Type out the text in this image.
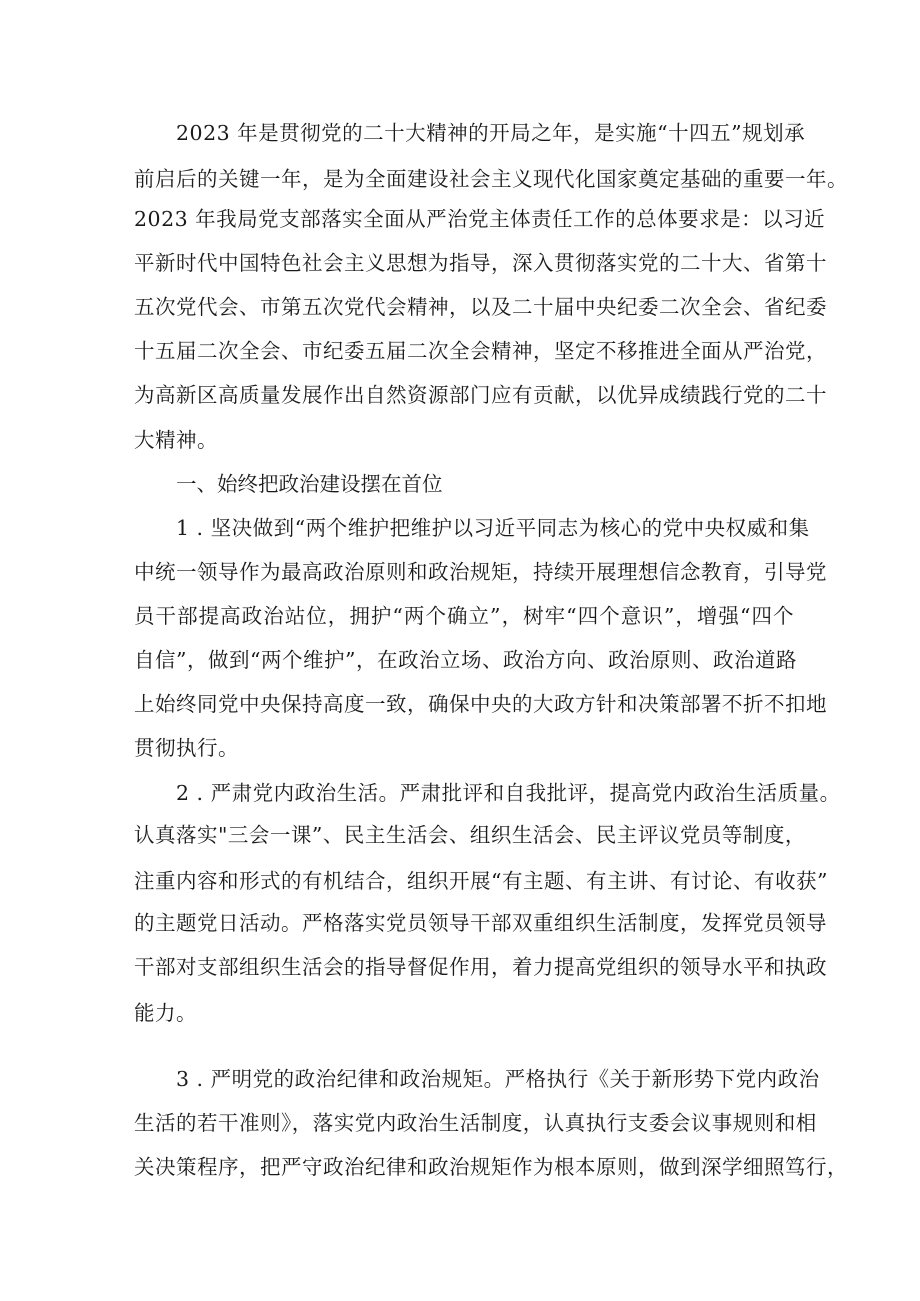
2023 年是贯彻党的二十大精神的开局之年，是实施“十四五”规划承
前启后的关键一年，是为全面建设社会主义现代化国家奠定基础的重要一年。
2023 年我局党支部落实全面从严治党主体责任工作的总体要求是：以习近
平新时代中国特色社会主义思想为指导，深入贯彻落实党的二十大、省第十
五次党代会、市第五次党代会精神，以及二十届中央纪委二次全会、省纪委
十五届二次全会、市纪委五届二次全会精神，坚定不移推进全面从严治党，
为高新区高质量发展作出自然资源部门应有贡献，以优异成绩践行党的二十
大精神。
一、始终把政治建设摆在首位
1 . 坚决做到“两个维护把维护以习近平同志为核心的党中央权威和集
中统一领导作为最高政治原则和政治规矩，持续开展理想信念教育，引导党
员干部提高政治站位，拥护“两个确立”，树牢“四个意识”，增强“四个
自信”，做到“两个维护”，在政治立场、政治方向、政治原则、政治道路
上始终同党中央保持高度一致，确保中央的大政方针和决策部署不折不扣地
贯彻执行。
2 . 严肃党内政治生活。严肃批评和自我批评，提高党内政治生活质量。
认真落实"三会一课”、民主生活会、组织生活会、民主评议党员等制度，
注重内容和形式的有机结合，组织开展“有主题、有主讲、有讨论、有收获”
的主题党日活动。严格落实党员领导干部双重组织生活制度，发挥党员领导
干部对支部组织生活会的指导督促作用，着力提高党组织的领导水平和执政
能力。
3 . 严明党的政治纪律和政治规矩。严格执行《关于新形势下党内政治
生活的若干准则》，落实党内政治生活制度，认真执行支委会议事规则和相
关决策程序，把严守政治纪律和政治规矩作为根本原则，做到深学细照笃行，
